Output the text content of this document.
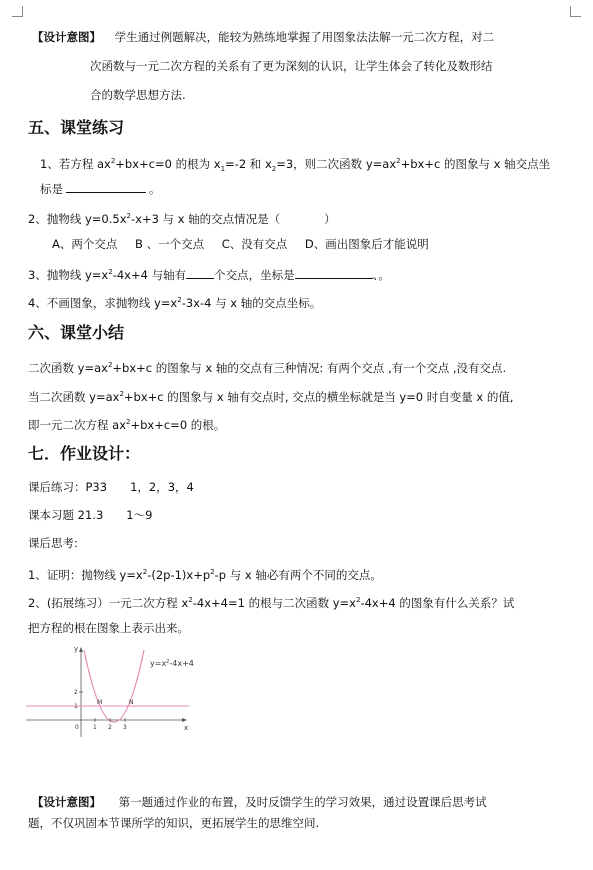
【设计意图】 学生通过例题解决，能较为熟练地掌握了用图象法法解一元二次方程，对二
次函数与一元二次方程的关系有了更为深刻的认识，让学生体会了转化及数形结
合的数学思想方法.
五、课堂练习
1、若方程 $ax^2+bx+c=0$ 的根为 $x_1=-2$ 和 $x_2=3$，则二次函数 $y=ax^2+bx+c$ 的图象与 x 轴交点坐
标是	。
2、抛物线 $y=0.5x^2-x+3$ 与 x 轴的交点情况是（	）
A、两个交点 B 、一个交点 C、没有交点 D、画出图象后才能说明
3、抛物线 $y=x^2-4x+4$ 与轴有 个交点，坐标是	、。
4、不画图象，求抛物线 $y=x^2-3x-4$ 与 x 轴的交点坐标。
六、课堂小结
二次函数 $y=ax^2+bx+c$ 的图象与 x 轴的交点有三种情况: 有两个交点 ,有一个交点 ,没有交点.
当二次函数 $y=ax^2+bx+c$ 的图象与 x 轴有交点时, 交点的横坐标就是当 y=0 时自变量 x 的值,
即一元二次方程 $ax^2+bx+c=0$ 的根。
七．作业设计：
课后练习：P33　　1，2，3，4
课本习题 21.3　　1～9
课后思考:
1、证明：抛物线 $y=x^2-(2p-1)x+p^2-p$ 与 x 轴必有两个不同的交点。
2、(拓展练习）一元二次方程 $x^2-4x+4=1$ 的根与二次函数 $y=x^2-4x+4$ 的图象有什么关系？试
把方程的根在图象上表示出来。
y
x
0 1 2 3
1
2
M	N
$y=x^2-4x+4$
【设计意图】 第一题通过作业的布置，及时反馈学生的学习效果，通过设置课后思考试
题，不仅巩固本节课所学的知识，更拓展学生的思维空间.
